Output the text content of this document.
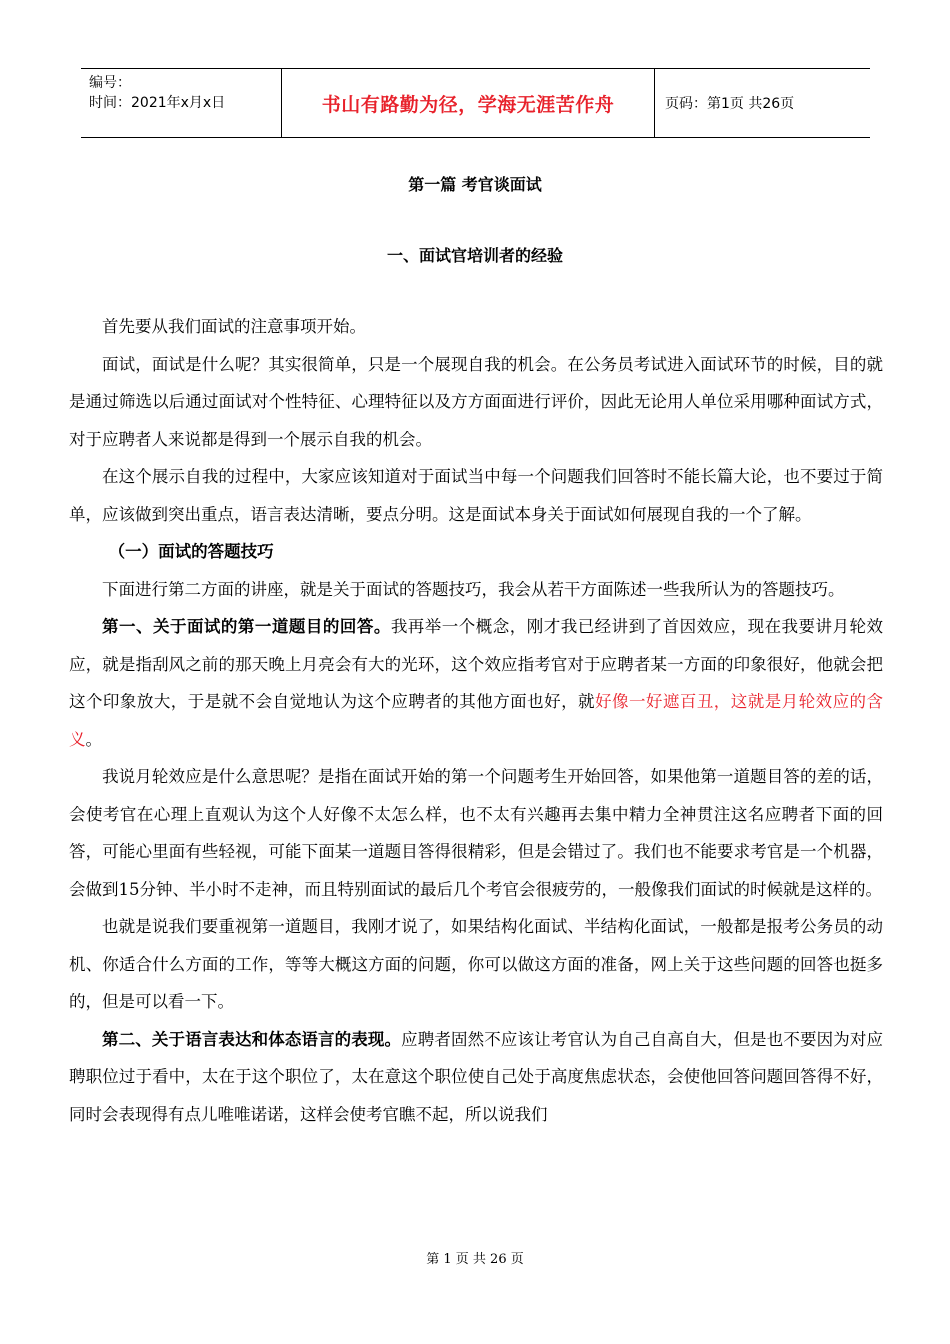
编号：
时间：2021年x月x日	书山有路勤为径，学海无涯苦作舟	页码：第1页 共26页
第一篇 考官谈面试
一、面试官培训者的经验

首先要从我们面试的注意事项开始。

面试，面试是什么呢？其实很简单，只是一个展现自我的机会。在公务员考试进入面试环节的时候，目的就是通过筛选以后通过面试对个性特征、心理特征以及方方面面进行评价，因此无论用人单位采用哪种面试方式，对于应聘者人来说都是得到一个展示自我的机会。

在这个展示自我的过程中，大家应该知道对于面试当中每一个问题我们回答时不能长篇大论，也不要过于简单，应该做到突出重点，语言表达清晰，要点分明。这是面试本身关于面试如何展现自我的一个了解。

（一）面试的答题技巧

下面进行第二方面的讲座，就是关于面试的答题技巧，我会从若干方面陈述一些我所认为的答题技巧。

第一、关于面试的第一道题目的回答。我再举一个概念，刚才我已经讲到了首因效应，现在我要讲月轮效应，就是指刮风之前的那天晚上月亮会有大的光环，这个效应指考官对于应聘者某一方面的印象很好，他就会把这个印象放大，于是就不会自觉地认为这个应聘者的其他方面也好，就好像一好遮百丑，这就是月轮效应的含义。

我说月轮效应是什么意思呢？是指在面试开始的第一个问题考生开始回答，如果他第一道题目答的差的话，会使考官在心理上直观认为这个人好像不太怎么样，也不太有兴趣再去集中精力全神贯注这名应聘者下面的回答，可能心里面有些轻视，可能下面某一道题目答得很精彩，但是会错过了。我们也不能要求考官是一个机器，会做到15分钟、半小时不走神，而且特别面试的最后几个考官会很疲劳的，一般像我们面试的时候就是这样的。

也就是说我们要重视第一道题目，我刚才说了，如果结构化面试、半结构化面试，一般都是报考公务员的动机、你适合什么方面的工作，等等大概这方面的问题，你可以做这方面的准备，网上关于这些问题的回答也挺多的，但是可以看一下。

第二、关于语言表达和体态语言的表现。应聘者固然不应该让考官认为自己自高自大，但是也不要因为对应聘职位过于看中，太在于这个职位了，太在意这个职位使自己处于高度焦虑状态，会使他回答问题回答得不好，同时会表现得有点儿唯唯诺诺，这样会使考官瞧不起，所以说我们

第 1 页 共 26 页
